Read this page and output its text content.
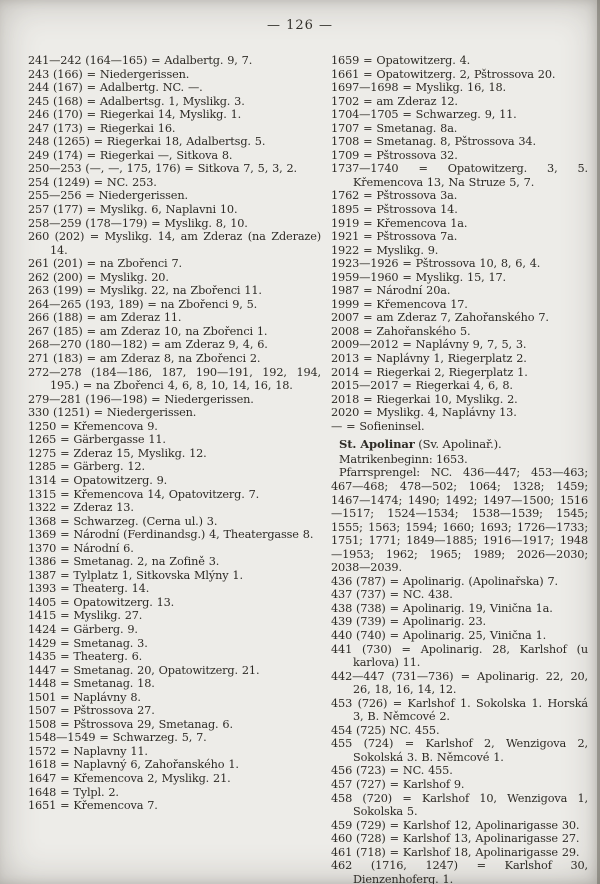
— 126 —
241—242 (164—165) = Adalbertg. 9, 7.
243 (166) = Niedergerissen.
244 (167) = Adalbertg. NC. —.
245 (168) = Adalbertsg. 1, Myslikg. 3.
246 (170) = Riegerkai 14, Myslikg. 1.
247 (173) = Riegerkai 16.
248 (1265) = Riegerkai 18, Adalbertsg. 5.
249 (174) = Riegerkai —, Sitkova 8.
250—253 (—, —, 175, 176) = Sitkova 7, 5, 3, 2.
254 (1249) = NC. 253.
255—256 = Niedergerissen.
257 (177) = Myslikg. 6, Naplavni 10.
258—259 (178—179) = Myslikg. 8, 10.
260 (202) = Myslikg. 14, am Zderaz (na Zderaze) 14.
261 (201) = na Zbořenci 7.
262 (200) = Myslikg. 20.
263 (199) = Myslikg. 22, na Zbořenci 11.
264—265 (193, 189) = na Zbořenci 9, 5.
266 (188) = am Zderaz 11.
267 (185) = am Zderaz 10, na Zbořenci 1.
268—270 (180—182) = am Zderaz 9, 4, 6.
271 (183) = am Zderaz 8, na Zbořenci 2.
272—278 (184—186, 187, 190—191, 192, 194, 195.) = na Zbořenci 4, 6, 8, 10, 14, 16, 18.
279—281 (196—198) = Niedergerissen.
330 (1251) = Niedergerissen.
1250 = Křemencova 9.
1265 = Gärbergasse 11.
1275 = Zderaz 15, Myslikg. 12.
1285 = Gärberg. 12.
1314 = Opatowitzerg. 9.
1315 = Křemencova 14, Opatovitzerg. 7.
1322 = Zderaz 13.
1368 = Schwarzeg. (Cerna ul.) 3.
1369 = Národní (Ferdinandsg.) 4, Theatergasse 8.
1370 = Národní 6.
1386 = Smetanag. 2, na Zofině 3.
1387 = Tylplatz 1, Sitkovska Mlýny 1.
1393 = Theaterg. 14.
1405 = Opatowitzerg. 13.
1415 = Myslikg. 27.
1424 = Gärberg. 9.
1429 = Smetanag. 3.
1435 = Theaterg. 6.
1447 = Smetanag. 20, Opatowitzerg. 21.
1448 = Smetanag. 18.
1501 = Naplávny 8.
1507 = Pštrossova 27.
1508 = Pštrossova 29, Smetanag. 6.
1548—1549 = Schwarzeg. 5, 7.
1572 = Naplavny 11.
1618 = Naplavný 6, Zahořanského 1.
1647 = Křemencova 2, Myslikg. 21.
1648 = Tylpl. 2.
1651 = Křemencova 7.
1659 = Opatowitzerg. 4.
1661 = Opatowitzerg. 2, Pštrossova 20.
1697—1698 = Myslikg. 16, 18.
1702 = am Zderaz 12.
1704—1705 = Schwarzeg. 9, 11.
1707 = Smetanag. 8a.
1708 = Smetanag. 8, Pštrossova 34.
1709 = Pštrossova 32.
1737—1740 = Opatowitzerg. 3, 5. Křemencova 13, Na Struze 5, 7.
1762 = Pštrossova 3a.
1895 = Pštrossova 14.
1919 = Křemencova 1a.
1921 = Pštrossova 7a.
1922 = Myslikg. 9.
1923—1926 = Pštrossova 10, 8, 6, 4.
1959—1960 = Myslikg. 15, 17.
1987 = Národní 20a.
1999 = Křemencova 17.
2007 = am Zderaz 7, Zahořanského 7.
2008 = Zahořanského 5.
2009—2012 = Naplávny 9, 7, 5, 3.
2013 = Naplávny 1, Riegerplatz 2.
2014 = Riegerkai 2, Riegerplatz 1.
2015—2017 = Riegerkai 4, 6, 8.
2018 = Riegerkai 10, Myslikg. 2.
2020 = Myslikg. 4, Naplávny 13.
— = Sofieninsel.
St. Apolinar (Sv. Apolinař.).
Matrikenbeginn: 1653.
Pfarrsprengel: NC. 436—447; 453—463; 467—468; 478—502; 1064; 1328; 1459; 1467—1474; 1490; 1492; 1497—1500; 1516—1517; 1524—1534; 1538—1539; 1545; 1555; 1563; 1594; 1660; 1693; 1726—1733; 1751; 1771; 1849—1885; 1916—1917; 1948—1953; 1962; 1965; 1989; 2026—2030; 2038—2039.
436 (787) = Apolinarig. (Apolinařska) 7.
437 (737) = NC. 438.
438 (738) = Apolinarig. 19, Vinična 1a.
439 (739) = Apolinarig. 23.
440 (740) = Apolinarig. 25, Vinična 1.
441 (730) = Apolinarig. 28, Karlshof (u karlova) 11.
442—447 (731—736) = Apolinarig. 22, 20, 26, 18, 16, 14, 12.
453 (726) = Karlshof 1. Sokolska 1. Horská 3, B. Němcové 2.
454 (725) NC. 455.
455 (724) = Karlshof 2, Wenzigova 2, Sokolská 3. B. Němcové 1.
456 (723) = NC. 455.
457 (727) = Karlshof 9.
458 (720) = Karlshof 10, Wenzigova 1, Sokolska 5.
459 (729) = Karlshof 12, Apolinarigasse 30.
460 (728) = Karlshof 13, Apolinarigasse 27.
461 (718) = Karlshof 18, Apolinarigasse 29.
462 (1716, 1247) = Karlshof 30, Dienzenhoferg. 1.
